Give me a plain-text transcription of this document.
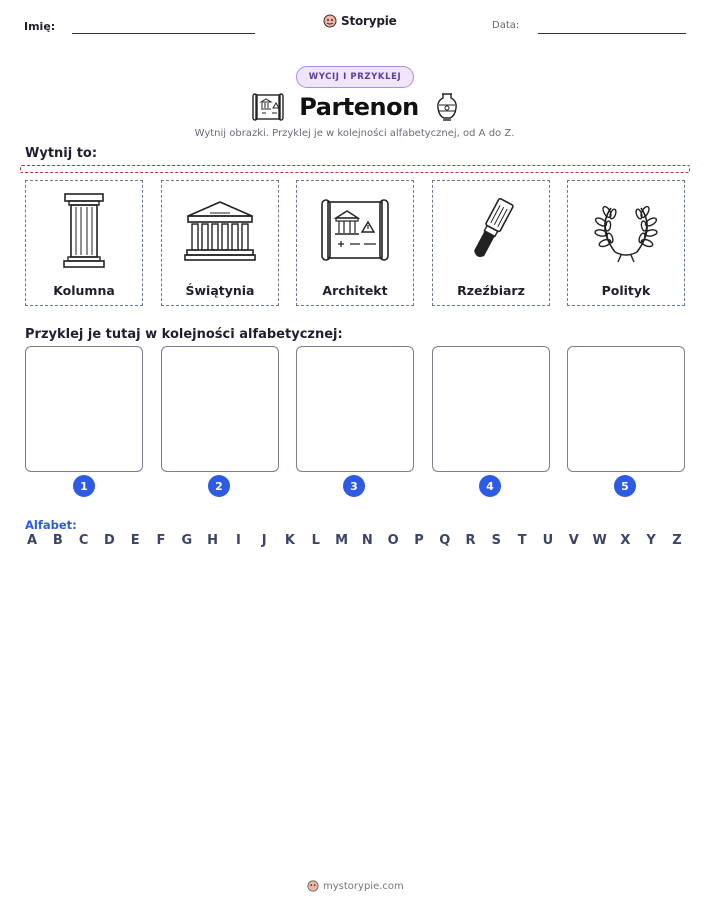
Imię:	Storypie	Data:
WYCIJ I PRZYKLEJ
Partenon
Wytnij obrazki. Przyklej je w kolejności alfabetycznej, od A do Z.
Wytnij to:
Kolumna	Świątynia	Architekt	Rzeźbiarz	Polityk
Przyklej je tutaj w kolejności alfabetycznej:
1	2	3	4	5
Alfabet:
A B C D E F G H	I	J	K L M N O P Q R S T U V W X Y Z
mystorypie.com
